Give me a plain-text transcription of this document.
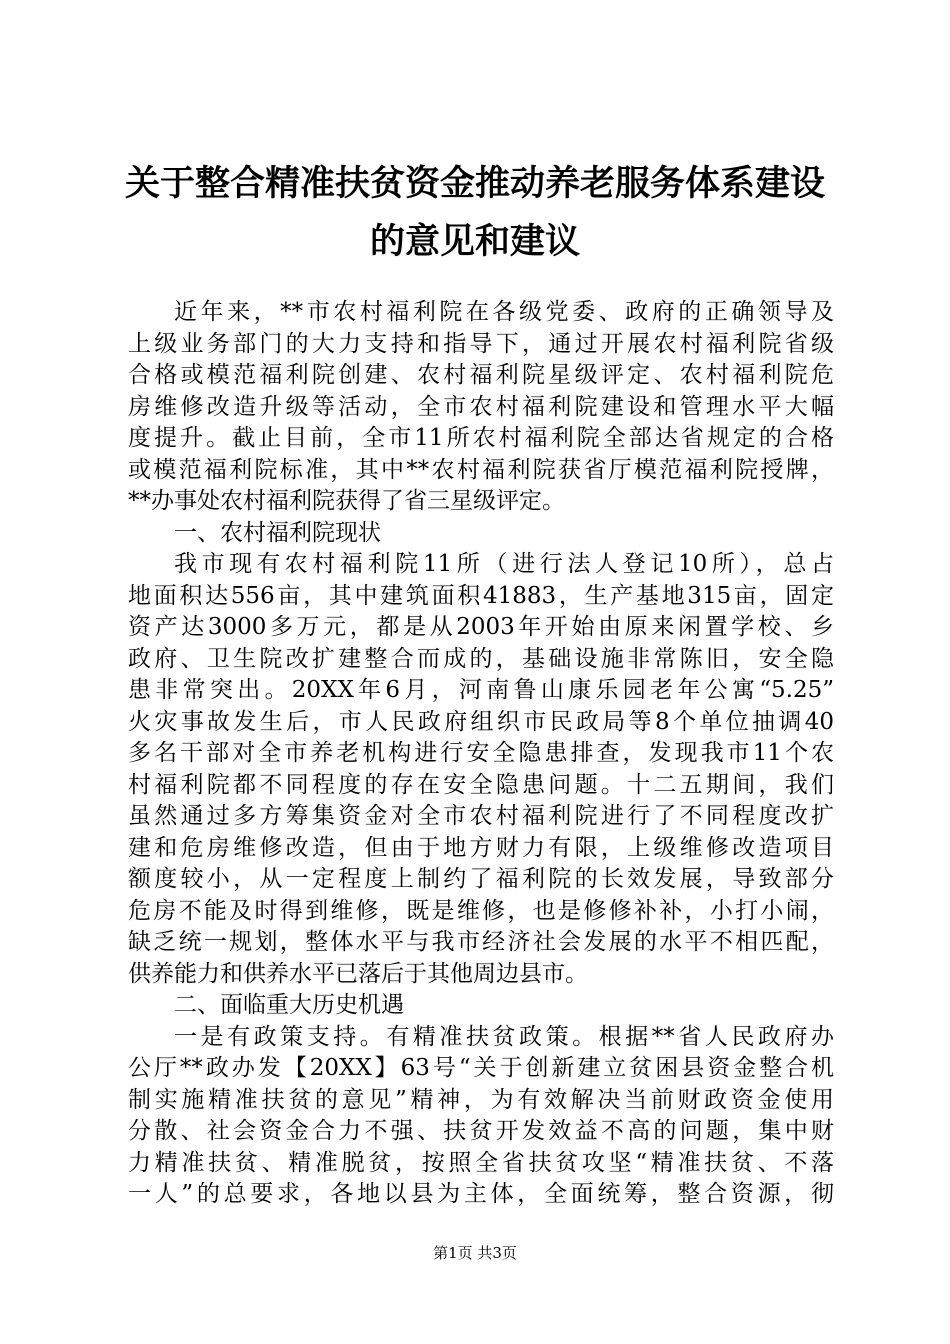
关于整合精准扶贫资金推动养老服务体系建设
的意见和建议
近年来，**市农村福利院在各级党委、政府的正确领导及
上级业务部门的大力支持和指导下，通过开展农村福利院省级
合格或模范福利院创建、农村福利院星级评定、农村福利院危
房维修改造升级等活动，全市农村福利院建设和管理水平大幅
度提升。截止目前，全市11所农村福利院全部达省规定的合格
或模范福利院标准，其中**农村福利院获省厅模范福利院授牌，
**办事处农村福利院获得了省三星级评定。
一、农村福利院现状
我市现有农村福利院11所（进行法人登记10所），总占
地面积达556亩，其中建筑面积41883，生产基地315亩，固定
资产达3000多万元，都是从2003年开始由原来闲置学校、乡
政府、卫生院改扩建整合而成的，基础设施非常陈旧，安全隐
患非常突出。20XX年6月，河南鲁山康乐园老年公寓“5.25”
火灾事故发生后，市人民政府组织市民政局等8个单位抽调40
多名干部对全市养老机构进行安全隐患排查，发现我市11个农
村福利院都不同程度的存在安全隐患问题。十二五期间，我们
虽然通过多方筹集资金对全市农村福利院进行了不同程度改扩
建和危房维修改造，但由于地方财力有限，上级维修改造项目
额度较小，从一定程度上制约了福利院的长效发展，导致部分
危房不能及时得到维修，既是维修，也是修修补补，小打小闹，
缺乏统一规划，整体水平与我市经济社会发展的水平不相匹配，
供养能力和供养水平已落后于其他周边县市。
二、面临重大历史机遇
一是有政策支持。有精准扶贫政策。根据**省人民政府办
公厅**政办发【20XX】63号“关于创新建立贫困县资金整合机
制实施精准扶贫的意见”精神，为有效解决当前财政资金使用
分散、社会资金合力不强、扶贫开发效益不高的问题，集中财
力精准扶贫、精准脱贫，按照全省扶贫攻坚“精准扶贫、不落
一人”的总要求，各地以县为主体，全面统筹，整合资源，彻
第1页 共3页
